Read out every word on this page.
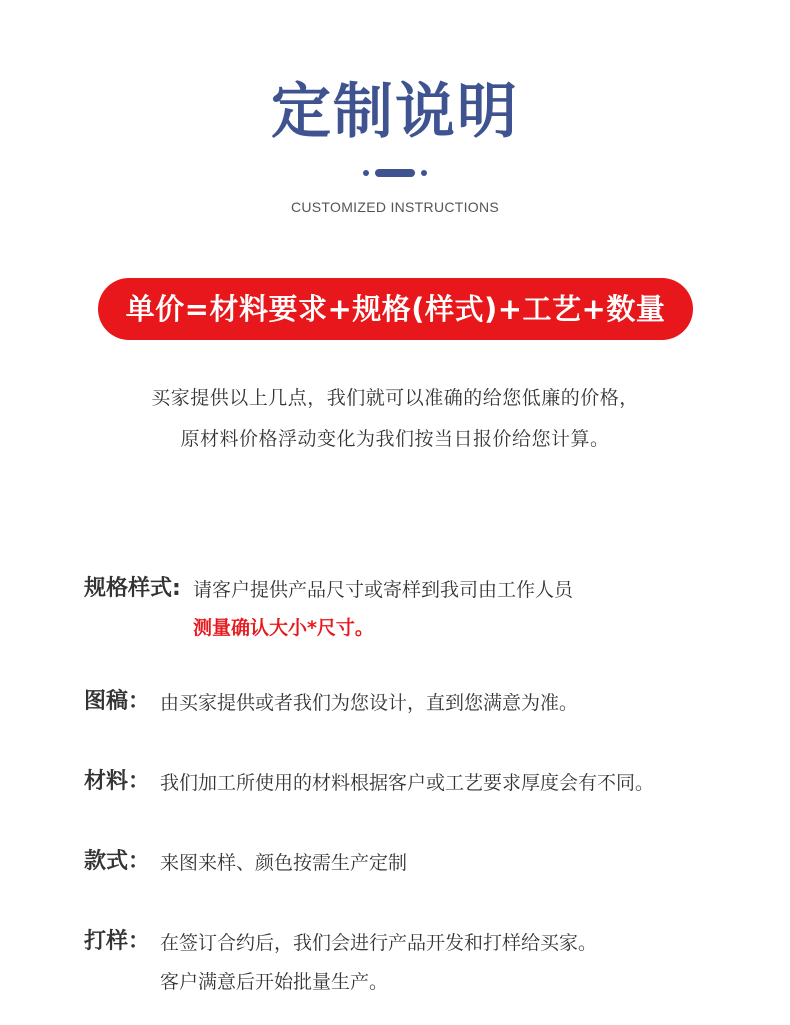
定制说明
CUSTOMIZED INSTRUCTIONS
单价=材料要求+规格(样式)+工艺+数量
买家提供以上几点，我们就可以准确的给您低廉的价格，
原材料价格浮动变化为我们按当日报价给您计算。
规格样式: 请客户提供产品尺寸或寄样到我司由工作人员
测量确认大小*尺寸。
图稿： 由买家提供或者我们为您设计，直到您满意为准。
材料： 我们加工所使用的材料根据客户或工艺要求厚度会有不同。
款式： 来图来样、颜色按需生产定制
打样： 在签订合约后，我们会进行产品开发和打样给买家。
客户满意后开始批量生产。
